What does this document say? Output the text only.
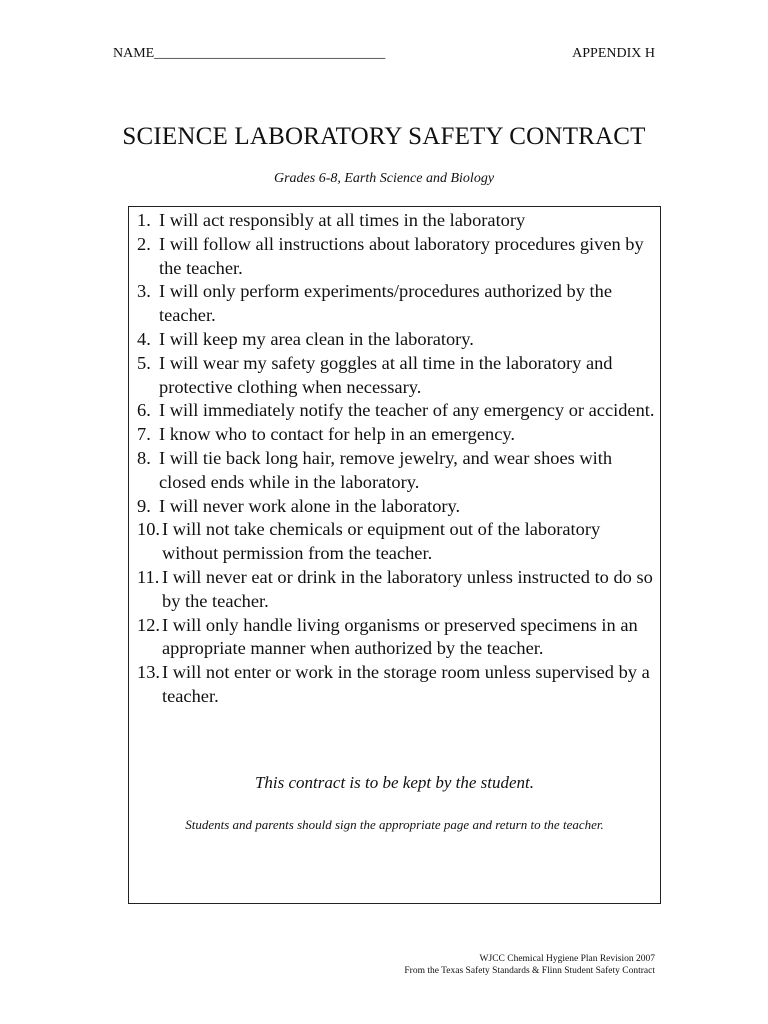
NAME_________________________________	APPENDIX H
SCIENCE LABORATORY SAFETY CONTRACT
Grades 6-8, Earth Science and Biology
1. I will act responsibly at all times in the laboratory
2. I will follow all instructions about laboratory procedures given by the teacher.
3. I will only perform experiments/procedures authorized by the teacher.
4. I will keep my area clean in the laboratory.
5. I will wear my safety goggles at all time in the laboratory and protective clothing when necessary.
6. I will immediately notify the teacher of any emergency or accident.
7. I know who to contact for help in an emergency.
8. I will tie back long hair, remove jewelry, and wear shoes with closed ends while in the laboratory.
9. I will never work alone in the laboratory.
10. I will not take chemicals or equipment out of the laboratory without permission from the teacher.
11. I will never eat or drink in the laboratory unless instructed to do so by the teacher.
12. I will only handle living organisms or preserved specimens in an appropriate manner when authorized by the teacher.
13. I will not enter or work in the storage room unless supervised by a teacher.
This contract is to be kept by the student.
Students and parents should sign the appropriate page and return to the teacher.
WJCC Chemical Hygiene Plan Revision 2007
From the Texas Safety Standards & Flinn Student Safety Contract
